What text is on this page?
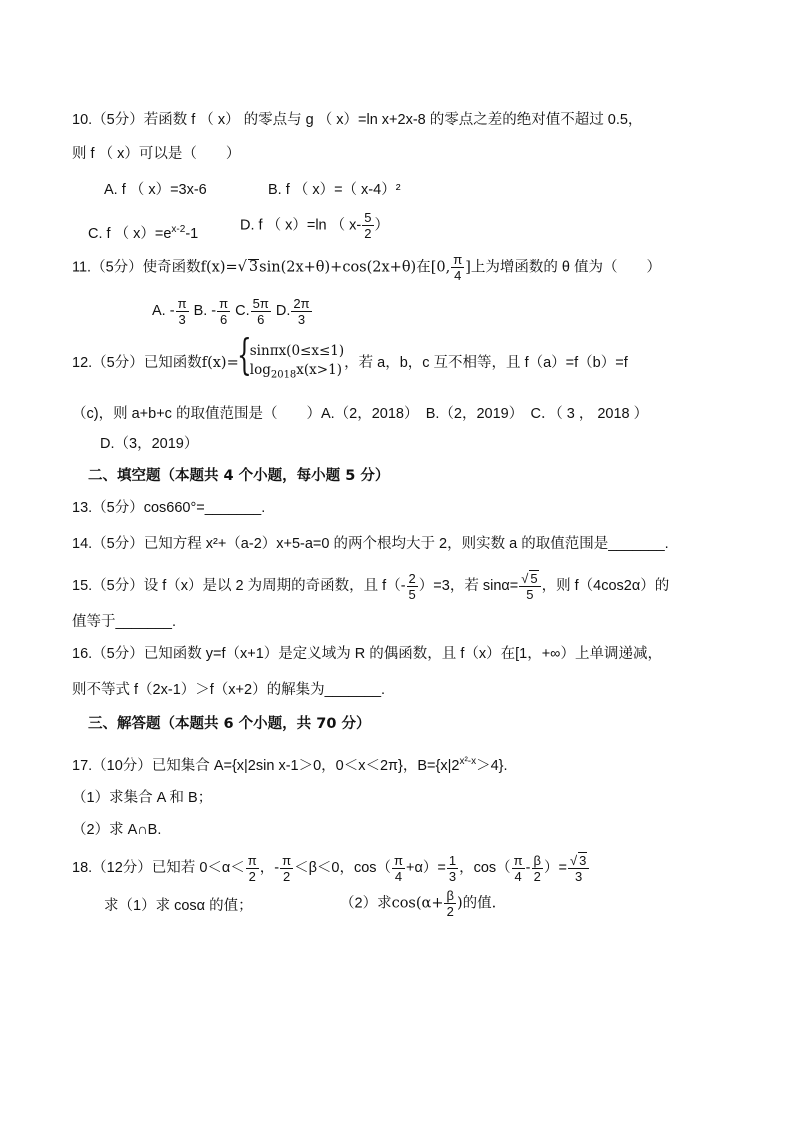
10.（5分）若函数 f （ x） 的零点与 g （ x）=ln x+2x-8 的零点之差的绝对值不超过 0.5，
则 f （ x）可以是（　　）
A. f （ x）=3x-6	B. f （ x）=（ x-4）²
C. f （ $x)=e^{x-2}-1$
D. f （ x）=ln （ $x- \frac{5}{2}$ ）
11.（5分）使奇函数f(x)=√ 3sin(2x+θ)+cos(2x+θ)在[0, $\frac{\pi}{4}$ ]上为增函数的 θ 值为（　　）
A. - $\frac{\pi}{3} B$. - $\frac{\pi}{6} C$. $\frac{5\pi}{6} D$. $\frac{2\pi}{3}$
12.（5分）已知函数f(x)=
{ sinπx(0≤x≤1)
$\log_{2018}x(x>1)$ ，若 a，b，c 互不相等，且 f（a）=f（b）=f
（c)，则 a+b+c 的取值范围是（　　）A.（2，2018）　B.（2，2019）　C．（ 3 ， 2018 ）
D.（3，2019）
二、填空题（本题共 4 个小题，每小题 5 分）
13.（5分）cos660°=_______.
14.（5分）已知方程 x²+（a-2）x+5-a=0 的两个根均大于 2，则实数 a 的取值范围是_______.
15.（5分）设 f（x）是以 2 为周期的奇函数，且 $f(- \frac{2}{5} )=3$，若 $\sin\alpha= \frac{√ 5}{5}$ ，则 f（4cos2α）的
值等于_______.
16.（5分）已知函数 y=f（x+1）是定义域为 R 的偶函数，且 f（x）在[1，+∞）上单调递减，
则不等式 f（2x-1）＞f（x+2）的解集为_______.
三、解答题（本题共 6 个小题，共 70 分）
17.（10分）已知集合 A={x|2sin x-1＞0，0＜x＜2π}，$B=\{x|2^{x^2-x}>4\}$.
（1）求集合 A 和 B；
（2）求 A∩B.
18.（12分）已知若 $0<\alpha< \frac{\pi}{2}$ ，- $\frac{\pi}{2} <\beta<0$，$\cos( \frac{\pi}{4} +\alpha)= \frac{1}{3}$ ，$\cos( \frac{\pi}{4} - \frac{\beta}{2}$ ）= $\frac{√ 3}{3}$
求（1）求 cosα 的值；	（2）求$\cos(\alpha+ \frac{\beta}{2}$ )的值.
